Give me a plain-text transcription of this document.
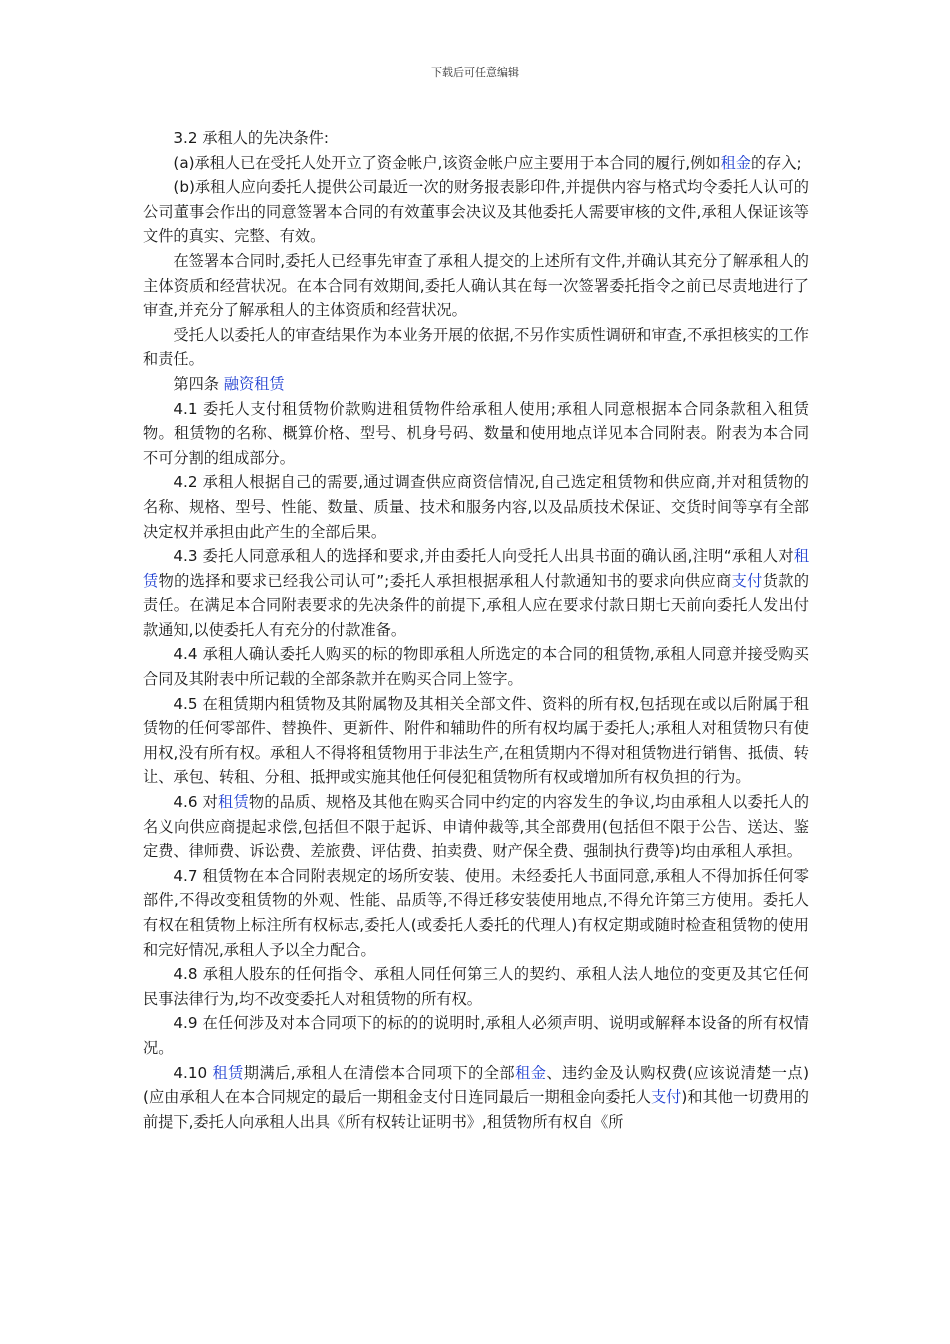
下载后可任意编辑

3.2 承租人的先决条件:

(a)承租人已在受托人处开立了资金帐户,该资金帐户应主要用于本合同的履行,例如租金的存入;

(b)承租人应向委托人提供公司最近一次的财务报表影印件,并提供内容与格式均令委托人认可的公司董事会作出的同意签署本合同的有效董事会决议及其他委托人需要审核的文件,承租人保证该等文件的真实、完整、有效。

在签署本合同时,委托人已经事先审查了承租人提交的上述所有文件,并确认其充分了解承租人的主体资质和经营状况。在本合同有效期间,委托人确认其在每一次签署委托指令之前已尽责地进行了审查,并充分了解承租人的主体资质和经营状况。

受托人以委托人的审查结果作为本业务开展的依据,不另作实质性调研和审查,不承担核实的工作和责任。

第四条 融资租赁

4.1 委托人支付租赁物价款购进租赁物件给承租人使用;承租人同意根据本合同条款租入租赁物。租赁物的名称、概算价格、型号、机身号码、数量和使用地点详见本合同附表。附表为本合同不可分割的组成部分。

4.2 承租人根据自己的需要,通过调查供应商资信情况,自己选定租赁物和供应商,并对租赁物的名称、规格、型号、性能、数量、质量、技术和服务内容,以及品质技术保证、交货时间等享有全部决定权并承担由此产生的全部后果。

4.3 委托人同意承租人的选择和要求,并由委托人向受托人出具书面的确认函,注明“承租人对租赁物的选择和要求已经我公司认可”;委托人承担根据承租人付款通知书的要求向供应商支付货款的责任。在满足本合同附表要求的先决条件的前提下,承租人应在要求付款日期七天前向委托人发出付款通知,以使委托人有充分的付款准备。

4.4 承租人确认委托人购买的标的物即承租人所选定的本合同的租赁物,承租人同意并接受购买合同及其附表中所记载的全部条款并在购买合同上签字。

4.5 在租赁期内租赁物及其附属物及其相关全部文件、资料的所有权,包括现在或以后附属于租赁物的任何零部件、替换件、更新件、附件和辅助件的所有权均属于委托人;承租人对租赁物只有使用权,没有所有权。承租人不得将租赁物用于非法生产,在租赁期内不得对租赁物进行销售、抵债、转让、承包、转租、分租、抵押或实施其他任何侵犯租赁物所有权或增加所有权负担的行为。

4.6 对租赁物的品质、规格及其他在购买合同中约定的内容发生的争议,均由承租人以委托人的名义向供应商提起求偿,包括但不限于起诉、申请仲裁等,其全部费用(包括但不限于公告、送达、鉴定费、律师费、诉讼费、差旅费、评估费、拍卖费、财产保全费、强制执行费等)均由承租人承担。

4.7 租赁物在本合同附表规定的场所安装、使用。未经委托人书面同意,承租人不得加拆任何零部件,不得改变租赁物的外观、性能、品质等,不得迁移安装使用地点,不得允许第三方使用。委托人有权在租赁物上标注所有权标志,委托人(或委托人委托的代理人)有权定期或随时检查租赁物的使用和完好情况,承租人予以全力配合。

4.8 承租人股东的任何指令、承租人同任何第三人的契约、承租人法人地位的变更及其它任何民事法律行为,均不改变委托人对租赁物的所有权。

4.9 在任何涉及对本合同项下的标的的说明时,承租人必须声明、说明或解释本设备的所有权情况。

4.10 租赁期满后,承租人在清偿本合同项下的全部租金、违约金及认购权费(应该说清楚一点)(应由承租人在本合同规定的最后一期租金支付日连同最后一期租金向委托人支付)和其他一切费用的前提下,委托人向承租人出具《所有权转让证明书》,租赁物所有权自《所
